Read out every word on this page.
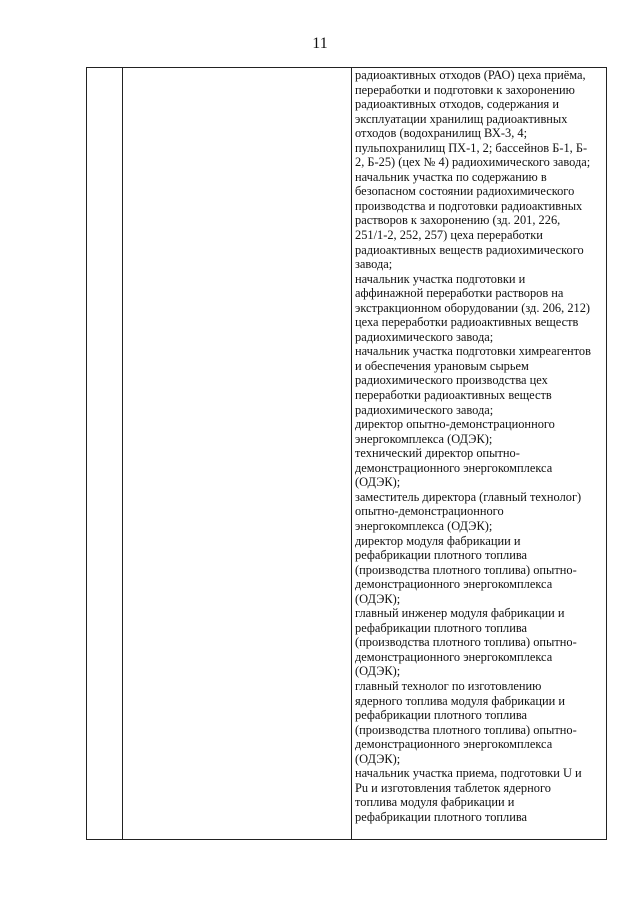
11
радиоактивных отходов (РАО) цеха приёма,
переработки и подготовки к захоронению
радиоактивных отходов, содержания и
эксплуатации хранилищ радиоактивных
отходов (водохранилищ ВХ-3, 4;
пульпохранилищ ПХ-1, 2; бассейнов Б-1, Б-
2, Б-25) (цех № 4) радиохимического завода;
начальник участка по содержанию в
безопасном состоянии радиохимического
производства и подготовки радиоактивных
растворов к захоронению (зд. 201, 226,
251/1-2, 252, 257) цеха переработки
радиоактивных веществ радиохимического
завода;
начальник участка подготовки и
аффинажной переработки растворов на
экстракционном оборудовании (зд. 206, 212)
цеха переработки радиоактивных веществ
радиохимического завода;
начальник участка подготовки химреагентов
и обеспечения урановым сырьем
радиохимического производства цех
переработки радиоактивных веществ
радиохимического завода;
директор опытно-демонстрационного
энергокомплекса (ОДЭК);
технический директор опытно-
демонстрационного энергокомплекса
(ОДЭК);
заместитель директора (главный технолог)
опытно-демонстрационного
энергокомплекса (ОДЭК);
директор модуля фабрикации и
рефабрикации плотного топлива
(производства плотного топлива) опытно-
демонстрационного энергокомплекса
(ОДЭК);
главный инженер модуля фабрикации и
рефабрикации плотного топлива
(производства плотного топлива) опытно-
демонстрационного энергокомплекса
(ОДЭК);
главный технолог по изготовлению
ядерного топлива модуля фабрикации и
рефабрикации плотного топлива
(производства плотного топлива) опытно-
демонстрационного энергокомплекса
(ОДЭК);
начальник участка приема, подготовки U и
Pu и изготовления таблеток ядерного
топлива модуля фабрикации и
рефабрикации плотного топлива
